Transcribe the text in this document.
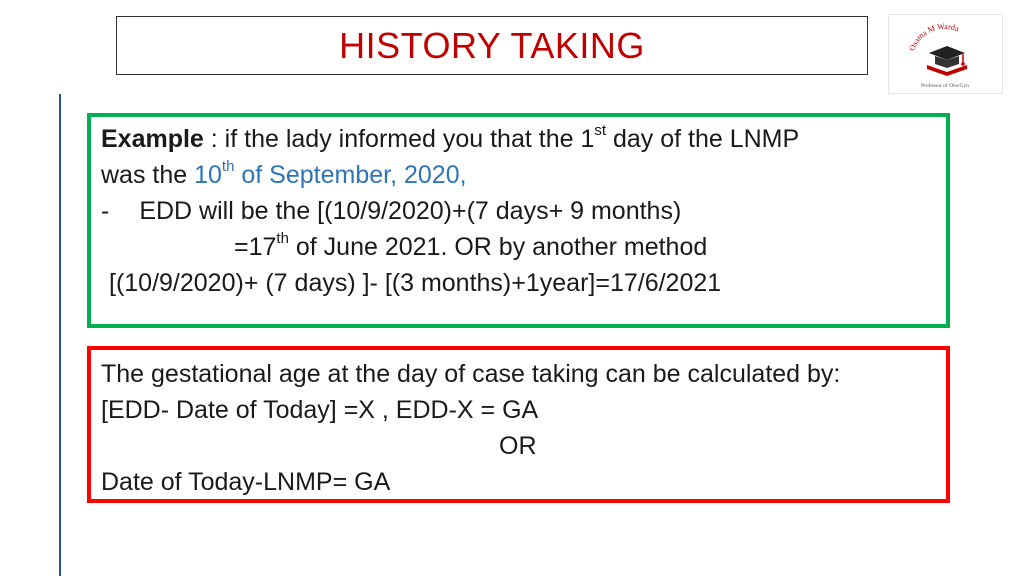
HISTORY TAKING	Osama M Warda
Professor of Obs/Gyn
Example : if the lady informed you that the 1st day of the LNMP
was the 10th of September, 2020,
- EDD will be the [(10/9/2020)+(7 days+ 9 months)
=17th of June 2021. OR by another method
[(10/9/2020)+ (7 days) ]- [(3 months)+1year]=17/6/2021
The gestational age at the day of case taking can be calculated by:
[EDD- Date of Today] =X , EDD-X = GA
OR
Date of Today-LNMP= GA
